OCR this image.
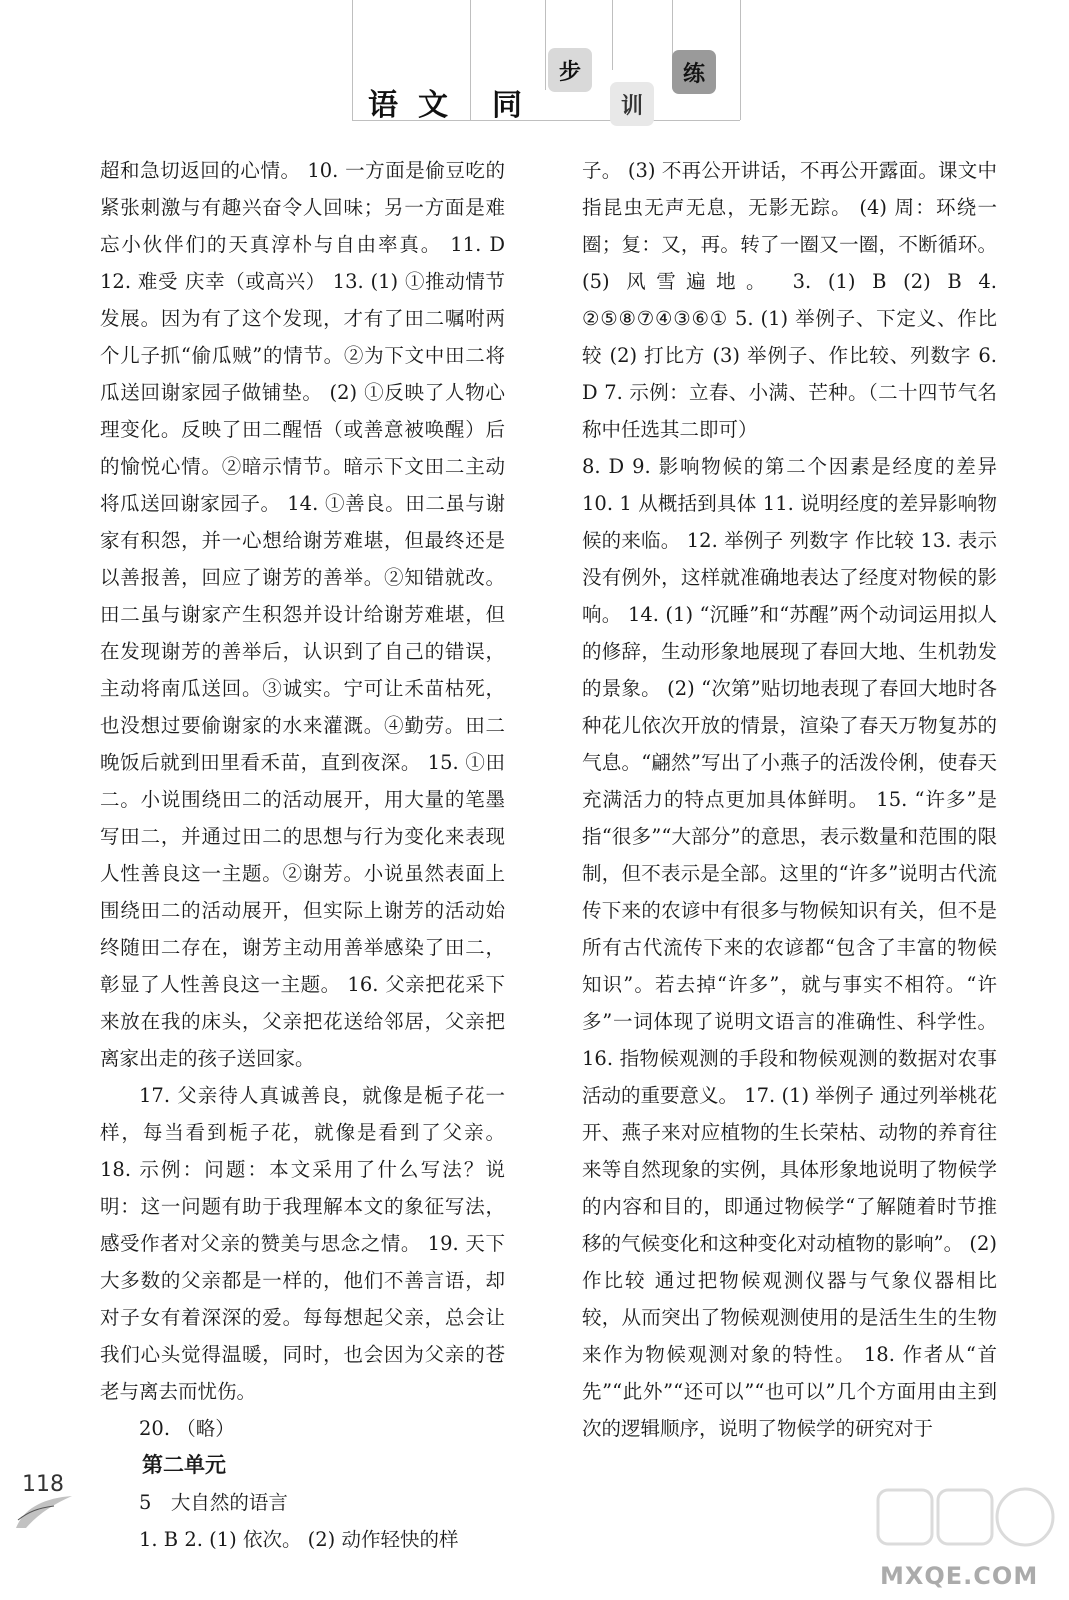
语 文 同
步
训
练

超和急切返回的心情。 10. 一方面是偷豆吃的紧张刺激与有趣兴奋令人回味；另一方面是难忘小伙伴们的天真淳朴与自由率真。 11. D 12. 难受 庆幸（或高兴） 13. (1) ①推动情节发展。因为有了这个发现，才有了田二嘱咐两个儿子抓“偷瓜贼”的情节。②为下文中田二将瓜送回谢家园子做铺垫。 (2) ①反映了人物心理变化。反映了田二醒悟（或善意被唤醒）后的愉悦心情。②暗示情节。暗示下文田二主动将瓜送回谢家园子。 14. ①善良。田二虽与谢家有积怨，并一心想给谢芳难堪，但最终还是以善报善，回应了谢芳的善举。②知错就改。田二虽与谢家产生积怨并设计给谢芳难堪，但在发现谢芳的善举后，认识到了自己的错误，主动将南瓜送回。③诚实。宁可让禾苗枯死，也没想过要偷谢家的水来灌溉。④勤劳。田二晚饭后就到田里看禾苗，直到夜深。 15. ①田二。小说围绕田二的活动展开，用大量的笔墨写田二，并通过田二的思想与行为变化来表现人性善良这一主题。②谢芳。小说虽然表面上围绕田二的活动展开，但实际上谢芳的活动始终随田二存在，谢芳主动用善举感染了田二，彰显了人性善良这一主题。 16. 父亲把花采下来放在我的床头，父亲把花送给邻居，父亲把离家出走的孩子送回家。

17. 父亲待人真诚善良，就像是栀子花一样，每当看到栀子花，就像是看到了父亲。 18. 示例：问题：本文采用了什么写法？说明：这一问题有助于我理解本文的象征写法，感受作者对父亲的赞美与思念之情。 19. 天下大多数的父亲都是一样的，他们不善言语，却对子女有着深深的爱。每每想起父亲，总会让我们心头觉得温暖，同时，也会因为父亲的苍老与离去而忧伤。

20. （略）

第二单元

5　大自然的语言

1. B 2. (1) 依次。 (2) 动作轻快的样

子。 (3) 不再公开讲话，不再公开露面。课文中指昆虫无声无息，无影无踪。 (4) 周：环绕一圈；复：又，再。转了一圈又一圈，不断循环。 (5) 风雪遍地。 3. (1) B (2) B 4. ②⑤⑧⑦④③⑥① 5. (1) 举例子、下定义、作比较 (2) 打比方 (3) 举例子、作比较、列数字 6. D 7. 示例：立春、小满、芒种。（二十四节气名称中任选其二即可）

8. D 9. 影响物候的第二个因素是经度的差异 10. 1 从概括到具体 11. 说明经度的差异影响物候的来临。 12. 举例子 列数字 作比较 13. 表示没有例外，这样就准确地表达了经度对物候的影响。 14. (1) “沉睡”和“苏醒”两个动词运用拟人的修辞，生动形象地展现了春回大地、生机勃发的景象。 (2) “次第”贴切地表现了春回大地时各种花儿依次开放的情景，渲染了春天万物复苏的气息。“翩然”写出了小燕子的活泼伶俐，使春天充满活力的特点更加具体鲜明。 15. “许多”是指“很多”“大部分”的意思，表示数量和范围的限制，但不表示是全部。这里的“许多”说明古代流传下来的农谚中有很多与物候知识有关，但不是所有古代流传下来的农谚都“包含了丰富的物候知识”。若去掉“许多”，就与事实不相符。“许多”一词体现了说明文语言的准确性、科学性。 16. 指物候观测的手段和物候观测的数据对农事活动的重要意义。 17. (1) 举例子 通过列举桃花开、燕子来对应植物的生长荣枯、动物的养育往来等自然现象的实例，具体形象地说明了物候学的内容和目的，即通过物候学“了解随着时节推移的气候变化和这种变化对动植物的影响”。 (2) 作比较 通过把物候观测仪器与气象仪器相比较，从而突出了物候观测使用的是活生生的生物来作为物候观测对象的特性。 18. 作者从“首先”“此外”“还可以”“也可以”几个方面用由主到次的逻辑顺序，说明了物候学的研究对于

118
MXQE.COM
